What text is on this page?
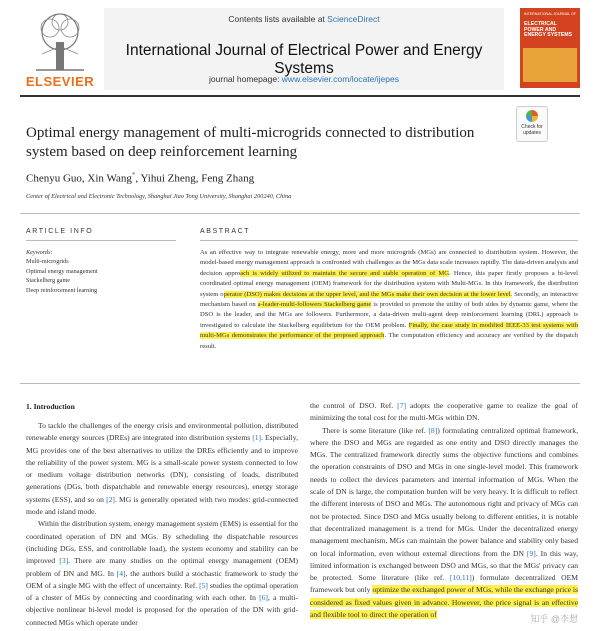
ELSEVIER
Contents lists available at ScienceDirect
International Journal of Electrical Power and Energy Systems
journal homepage: www.elsevier.com/locate/ijepes
INTERNATIONAL JOURNAL OF
ELECTRICAL POWER AND ENERGY SYSTEMS
Optimal energy management of multi-microgrids connected to distribution system based on deep reinforcement learning
Check for
updates
Chenyu Guo, Xin Wang*, Yihui Zheng, Feng Zhang
Center of Electrical and Electronic Technology, Shanghai Jiao Tong University, Shanghai 200240, China
ARTICLE INFO	ABSTRACT
Keywords:
Multi-microgrids
Optimal energy management
Stackelberg game
Deep reinforcement learning

As an effective way to integrate renewable energy, more and more microgrids (MGs) are connected to distribution system. However, the model-based energy management approach is confronted with challenges as the MGs data scale increases rapidly. The data-driven analysis and decision approach is widely utilized to maintain the secure and stable operation of MG. Hence, this paper firstly proposes a bi-level coordinated optimal energy management (OEM) framework for the distribution system with Multi-MGs. In this framework, the distribution system operator (DSO) makes decisions at the upper level, and the MGs make their own decision at the lower level. Secondly, an interactive mechanism based on a-leader-multi-followers Stackelberg game is provided to promote the utility of both sides by dynamic game, where the DSO is the leader, and the MGs are followers. Furthermore, a data-driven multi-agent deep reinforcement learning (DRL) approach is investigated to calculate the Stackelberg equilibrium for the OEM problem. Finally, the case study in modified IEEE-33 test systems with multi-MGs demonstrates the performance of the proposed approach. The computation efficiency and accuracy are verified by the dispatch result.

1. Introduction

To tackle the challenges of the energy crisis and environmental pollution, distributed renewable energy sources (DREs) are integrated into distribution systems [1]. Especially, MG provides one of the best alternatives to utilize the DREs efficiently and to improve the reliability of the power system. MG is a small-scale power system connected to low or medium voltage distribution networks (DN), consisting of loads, distributed generations (DGs, both dispatchable and renewable energy resources), energy storage systems (ESS), and so on [2]. MG is generally operated with two modes: grid-connected mode and island mode.

Within the distribution system, energy management system (EMS) is essential for the coordinated operation of DN and MGs. By scheduling the dispatchable resources (including DGs, ESS, and controllable load), the system economy and stability can be improved [3]. There are many studies on the optimal energy management (OEM) problem of DN and MG. In [4], the authors build a stochastic framework to study the OEM of a single MG with the effect of uncertainty. Ref. [5] studies the optimal operation of a cluster of MGs by connecting and coordinating with each other. In [6], a multi-objective nonlinear bi-level model is proposed for the operation of the DN with grid-connected MGs which operate under

the control of DSO. Ref. [7] adopts the cooperative game to realize the goal of minimizing the total cost for the multi-MGs within DN.

There is some literature (like ref. [8]) formulating centralized optimal framework, where the DSO and MGs are regarded as one entity and DSO directly manages the MGs. The centralized framework directly sums the objective functions and combines the operation constraints of DSO and MGs in one single-level model. This framework needs to collect the devices parameters and internal information of MGs. When the scale of DN is large, the computation burden will be very heavy. It is difficult to reflect the different interests of DSO and MGs. The autonomous right and privacy of MGs can not be protected. Since DSO and MGs usually belong to different entities, it is notable that decentralized management is a trend for MGs. Under the decentralized energy management mechanism, MGs can maintain the power balance and stability only based on local information, even without external directions from the DN [9]. In this way, limited information is exchanged between DSO and MGs, so that the MGs' privacy can be protected. Some literature (like ref. [10,11]) formulate decentralized OEM framework but only optimize the exchanged power of MGs, while the exchange price is considered as fixed values given in advance. However, the price signal is an effective and flexible tool to direct the operation of	知乎 @李想
